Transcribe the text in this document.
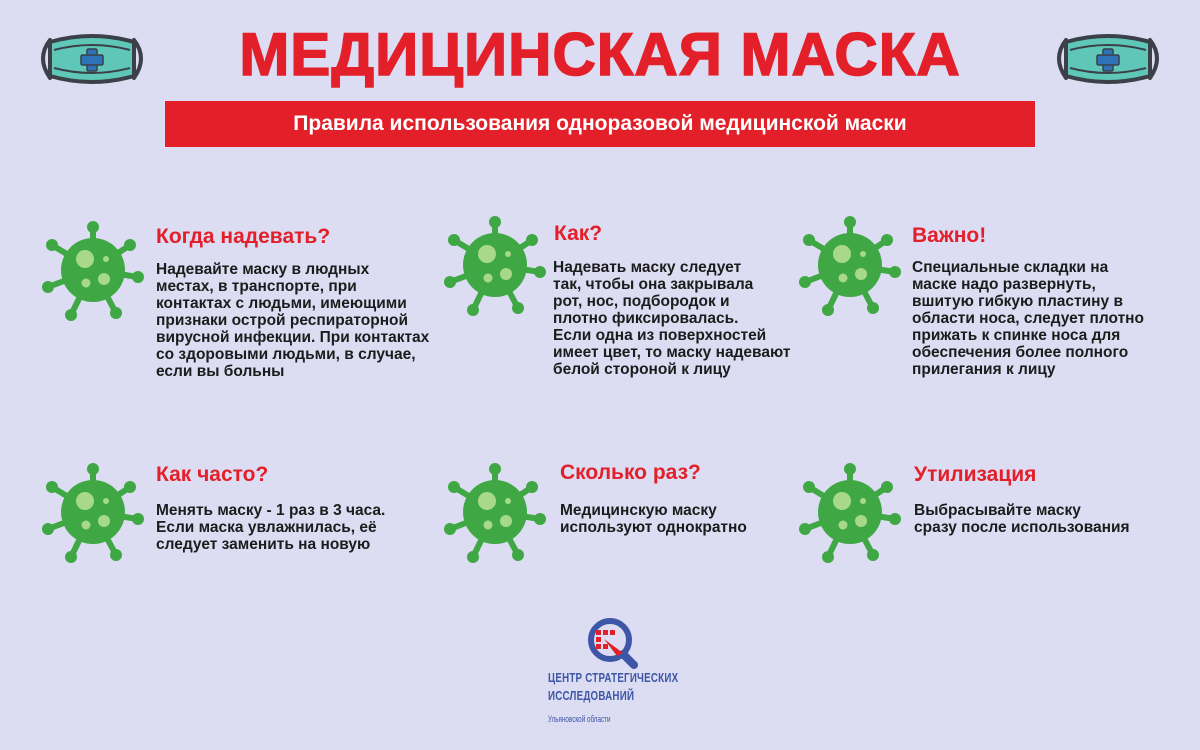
МЕДИЦИНСКАЯ МАСКА
Правила использования одноразовой медицинской маски
Когда надевать?
Надевайте маску в людных
местах, в транспорте, при
контактах с людьми, имеющими
признаки острой респираторной
вирусной инфекции. При контактах
со здоровыми людьми, в случае,
если вы больны
Как?
Надевать маску следует
так, чтобы она закрывала
рот, нос, подбородок и
плотно фиксировалась.
Если одна из поверхностей
имеет цвет, то маску надевают
белой стороной к лицу
Важно!
Специальные складки на
маске надо развернуть,
вшитую гибкую пластину в
области носа, следует плотно
прижать к спинке носа для
обеспечения более полного
прилегания к лицу
Как часто?
Менять маску - 1 раз в 3 часа.
Если маска увлажнилась, её
следует заменить на новую
Сколько раз?
Медицинскую маску
используют однократно
Утилизация
Выбрасывайте маску
сразу после использования
ЦЕНТР СТРАТЕГИЧЕСКИХ
ИССЛЕДОВАНИЙ
Ульяновской области
